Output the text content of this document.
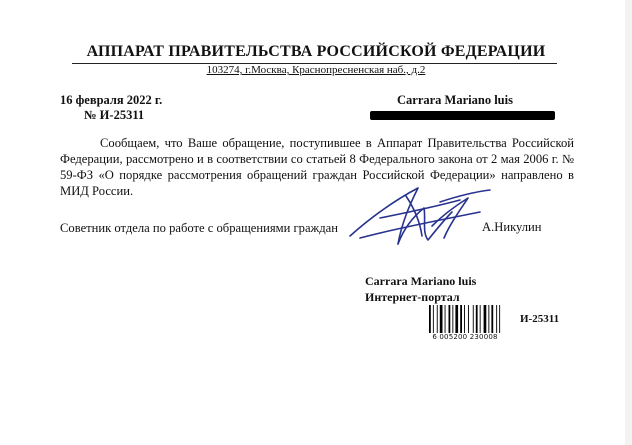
АППАРАТ ПРАВИТЕЛЬСТВА РОССИЙСКОЙ ФЕДЕРАЦИИ
103274, г.Москва, Краснопресненская наб., д.2
16 февраля 2022 г.
№ И-25311
Carrara Mariano luis

Сообщаем, что Ваше обращение, поступившее в Аппарат Правительства Российской Федерации, рассмотрено и в соответствии со статьей 8 Федерального закона от 2 мая 2006 г. № 59-ФЗ «О порядке рассмотрения обращений граждан Российской Федерации» направлено в МИД России.

Советник отдела по работе с обращениями граждан	А.Никулин
Carrara Mariano luis
Интернет-портал
6 005200 230008
И-25311
